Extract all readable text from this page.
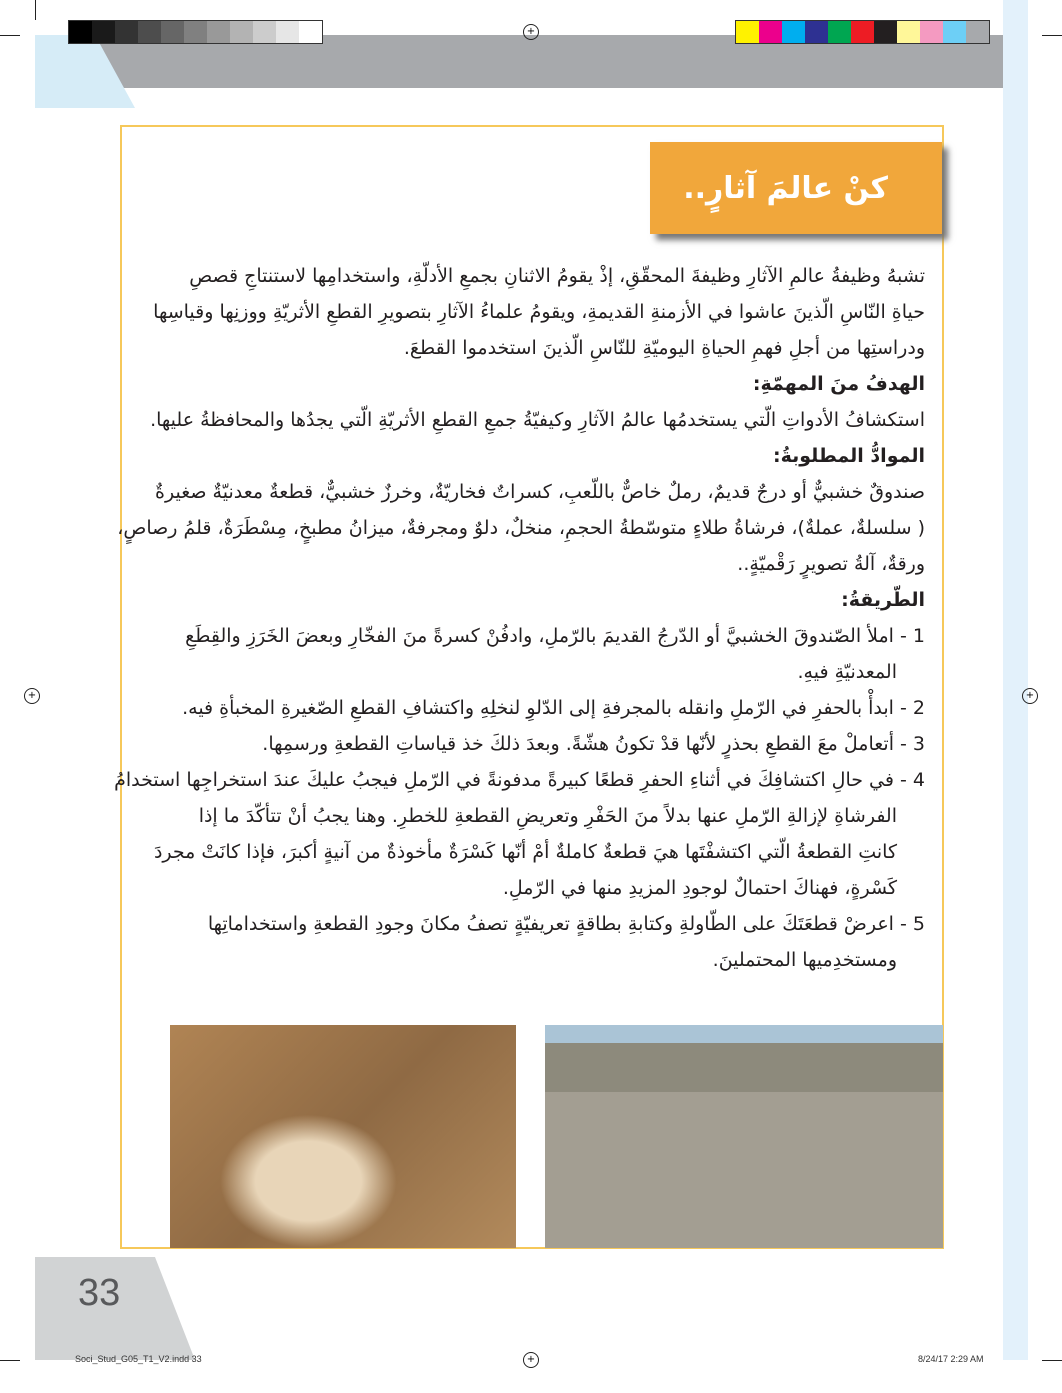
+
+	+
+
كنْ عالمَ آثارٍ..
تشبهُ وظيفةُ عالمِ الآثارِ وظيفةَ المحقّقِ، إذْ يقومُ الاثنانِ بجمعِ الأدلّةِ، واستخدامِها لاستنتاجِ قصصِ
حياةِ النّاسِ الّذينَ عاشوا في الأزمنةِ القديمةِ، ويقومُ علماءُ الآثارِ بتصويرِ القطعِ الأثريّةِ ووزنِها وقياسِها
ودراستِها من أجلِ فهمِ الحياةِ اليوميّةِ للنّاسِ الّذينَ استخدموا القطعَ.
الهدفُ منَ المهمّةِ:
استكشافُ الأدواتِ الّتي يستخدمُها عالمُ الآثارِ وكيفيّةُ جمعِ القطعِ الأثريّةِ الّتي يجدُها والمحافظةُ عليها.
الموادُّ المطلوبةُ:
صندوقٌ خشبيٌّ أو درجٌ قديمٌ، رملٌ خاصٌّ باللّعبِ، كسراتٌ فخاريّةٌ، وخرزٌ خشبيٌّ، قطعةٌ معدنيّةٌ صغيرةٌ
( سلسلةٌ، عملةٌ)، فرشاةُ طلاءٍ متوسّطةُ الحجمِ، منخلٌ، دلوٌ ومجرفةٌ، ميزانُ مطبخٍ، مِسْطَرَةٌ، قلمُ رصاصٍ،
ورقةٌ، آلةُ تصويرٍ رَقْميّةٍ..
الطّريقةُ:
1 - املأ الصّندوقَ الخشبيَّ أو الدّرجُ القديمَ بالرّملِ، وادفُنْ كسرةً منَ الفخّارِ وبعضَ الخَرَزِ والقِطَعِ
المعدنيّةِ فيهِ.
2 - ابدأْ بالحفرِ في الرّملِ وانقله بالمجرفةِ إلى الدّلوِ لنخلِهِ واكتشافِ القطعِ الصّغيرةِ المخبأةِ فيه.
3 - أتعاملْ معَ القطعِ بحذرٍ لأنّها قدْ تكونُ هشّةً. وبعدَ ذلكَ خذ قياساتِ القطعةِ ورسمِها.
4 - في حالِ اكتشافِكَ في أثناءِ الحفرِ قطعًا كبيرةً مدفونةً في الرّملِ فيجبُ عليكَ عندَ استخراجِها استخدامُ
الفرشاةِ لإزالةِ الرّملِ عنها بدلاً منَ الحَفْرِ وتعريضِ القطعةِ للخطرِ. وهنا يجبُ أنْ تتأكّدَ ما إذا
كانتِ القطعةُ الّتي اكتشفْتَها هيَ قطعةٌ كاملةٌ أمْ أنّها كَسْرَةٌ مأخوذةٌ من آنيةٍ أكبرَ، فإذا كانَتْ مجردَ
كَسْرةٍ، فهناكَ احتمالٌ لوجودِ المزيدِ منها في الرّملِ.
5 - اعرضْ قطعَتَكَ على الطّاولةِ وكتابةِ بطاقةٍ تعريفيّةٍ تصفُ مكانَ وجودِ القطعةِ واستخداماتِها
ومستخدِميها المحتملينَ.
33
Soci_Stud_G05_T1_V2.indd 33	8/24/17 2:29 AM
